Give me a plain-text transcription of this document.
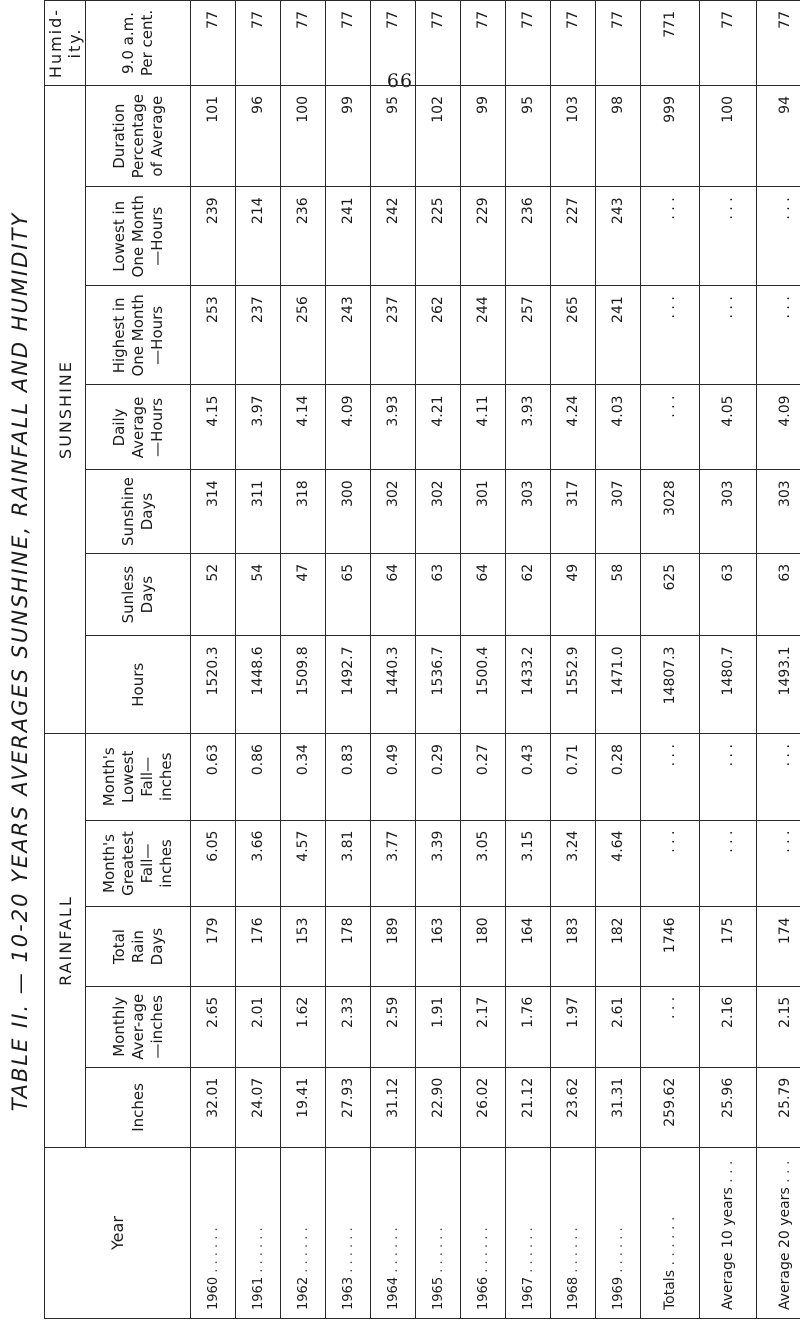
66
TABLE II. — 10-20 YEARS AVERAGES SUNSHINE, RAINFALL AND HUMIDITY
Year	RAINFALL					SUNSHINE							Humid-ity.
	Inches	Monthly Aver-age—inches	Total Rain Days	Month's Greatest Fall—inches	Month's Lowest Fall—inches	Hours	Sunless Days	Sunshine Days	Daily Average —Hours	Highest in One Month—Hours	Lowest in One Month—Hours	Duration Percentage of Average	9.0 a.m. Per cent.
1960 . . . . . .	32.01	2.65	179	6.05	0.63	1520.3	52	314	4.15	253	239	101	77
1961 . . . . . .	24.07	2.01	176	3.66	0.86	1448.6	54	311	3.97	237	214	96	77
1962 . . . . . .	19.41	1.62	153	4.57	0.34	1509.8	47	318	4.14	256	236	100	77
1963 . . . . . .	27.93	2.33	178	3.81	0.83	1492.7	65	300	4.09	243	241	99	77
1964 . . . . . .	31.12	2.59	189	3.77	0.49	1440.3	64	302	3.93	237	242	95	77
1965 . . . . . .	22.90	1.91	163	3.39	0.29	1536.7	63	302	4.21	262	225	102	77
1966 . . . . . .	26.02	2.17	180	3.05	0.27	1500.4	64	301	4.11	244	229	99	77
1967 . . . . . .	21.12	1.76	164	3.15	0.43	1433.2	62	303	3.93	257	236	95	77
1968 . . . . . .	23.62	1.97	183	3.24	0.71	1552.9	49	317	4.24	265	227	103	77
1969 . . . . . .	31.31	2.61	182	4.64	0.28	1471.0	58	307	4.03	241	243	98	77
Totals . . . . . .	259.62	. . .	1746	. . .	. . .	14807.3	625	3028	. . .	. . .	. . .	999	771
Average 10 years . . .	25.96	2.16	175	. . .	. . .	1480.7	63	303	4.05	. . .	. . .	100	77
Average 20 years . . .	25.79	2.15	174	. . .	. . .	1493.1	63	303	4.09	. . .	. . .	94	77
